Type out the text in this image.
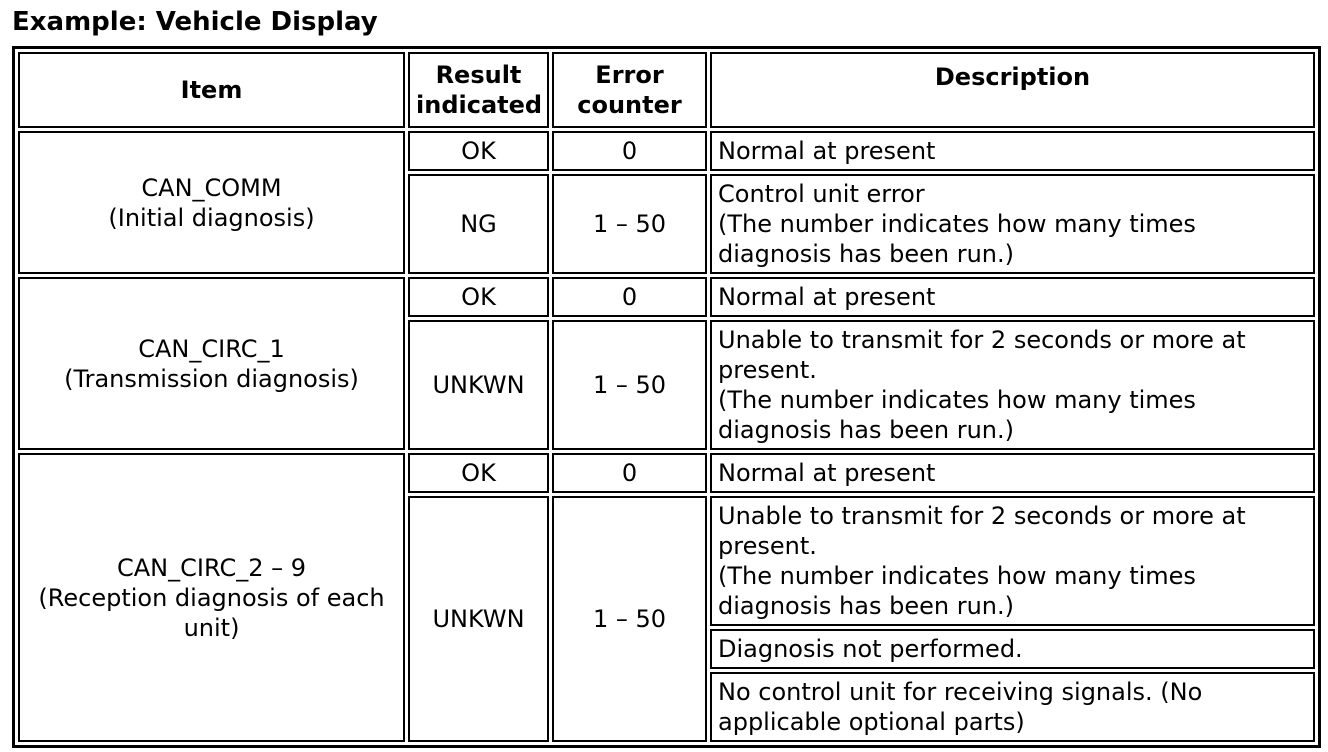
Example: Vehicle Display
Item	Result indicated	Error counter	Description

CAN_COMM
(Initial diagnosis)	OK	0	Normal at present
	NG	1 – 50	Control unit error
(The number indicates how many times diagnosis has been run.)

CAN_CIRC_1
(Transmission diagnosis)	OK	0	Normal at present
	UNKWN	1 – 50	Unable to transmit for 2 seconds or more at present.
(The number indicates how many times diagnosis has been run.)

CAN_CIRC_2 – 9
(Reception diagnosis of each unit)	OK	0	Normal at present
	UNKWN	1 – 50	Unable to transmit for 2 seconds or more at present.
(The number indicates how many times diagnosis has been run.)
			Diagnosis not performed.
			No control unit for receiving signals. (No applicable optional parts)
